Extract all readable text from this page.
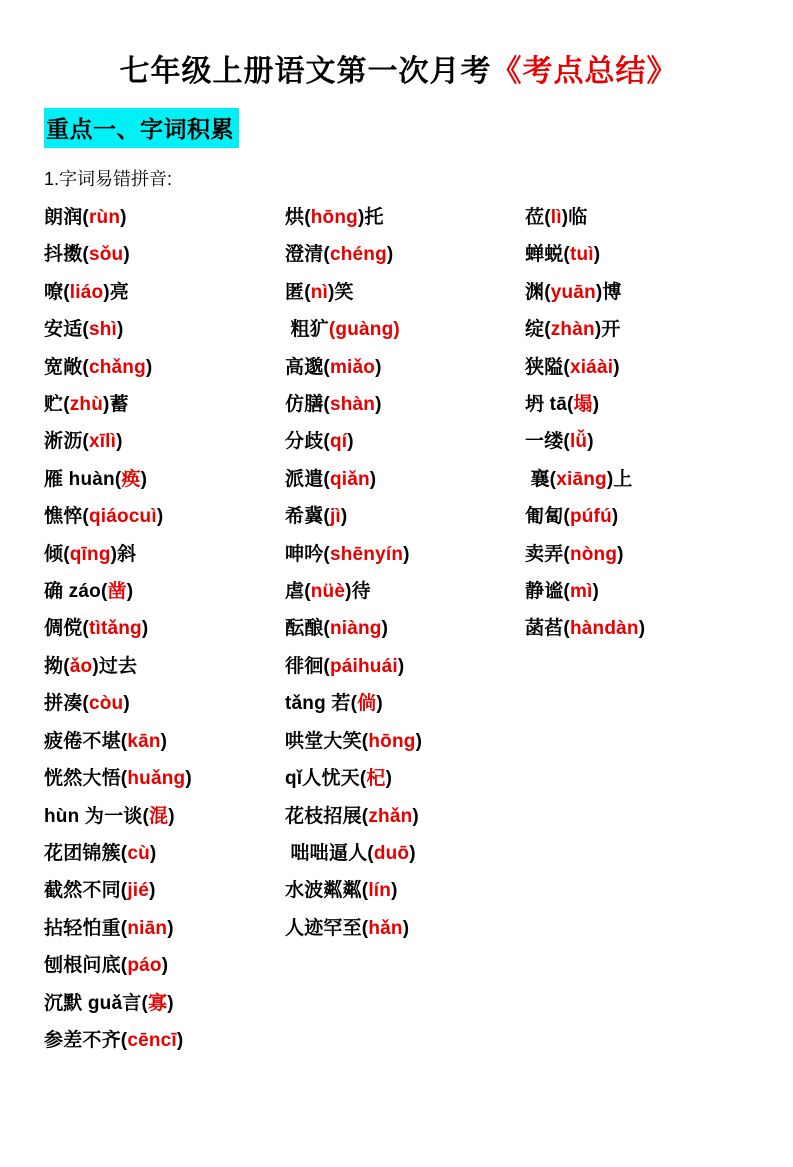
七年级上册语文第一次月考《考点总结》
重点一、字词积累

1.字词易错拼音:

朗润(rùn)
抖擞(sǒu)
嘹(liáo)亮
安适(shì)
宽敞(chǎng)
贮(zhù)蓄
淅沥(xīlì)
雁 huàn(痪)
憔悴(qiáocuì)
倾(qīng)斜
确 záo(凿)
倜傥(tìtǎng)
拗(ǎo)过去
拼凑(còu)
疲倦不堪(kān)
恍然大悟(huǎng)
hùn 为一谈(混)
花团锦簇(cù)
截然不同(jié)
拈轻怕重(niān)
刨根问底(páo)
沉默 guǎ言(寡)
参差不齐(cēncī)
烘(hōng)托
澄清(chéng)
匿(nì)笑
粗犷(guàng)
高邈(miǎo)
仿膳(shàn)
分歧(qí)
派遣(qiǎn)
希冀(jì)
呻吟(shēnyín)
虐(nüè)待
酝酿(niàng)
徘徊(páihuái)
tǎng 若(倘)
哄堂大笑(hōng)
qǐ人忧天(杞)
花枝招展(zhǎn)
咄咄逼人(duō)
水波粼粼(lín)
人迹罕至(hǎn)
莅(lì)临
蝉蜕(tuì)
渊(yuān)博
绽(zhàn)开
狭隘(xiáài)
坍 tā(塌)
一缕(lǚ)
襄(xiāng)上
匍匐(púfú)
卖弄(nòng)
静谧(mì)
菡萏(hàndàn)
